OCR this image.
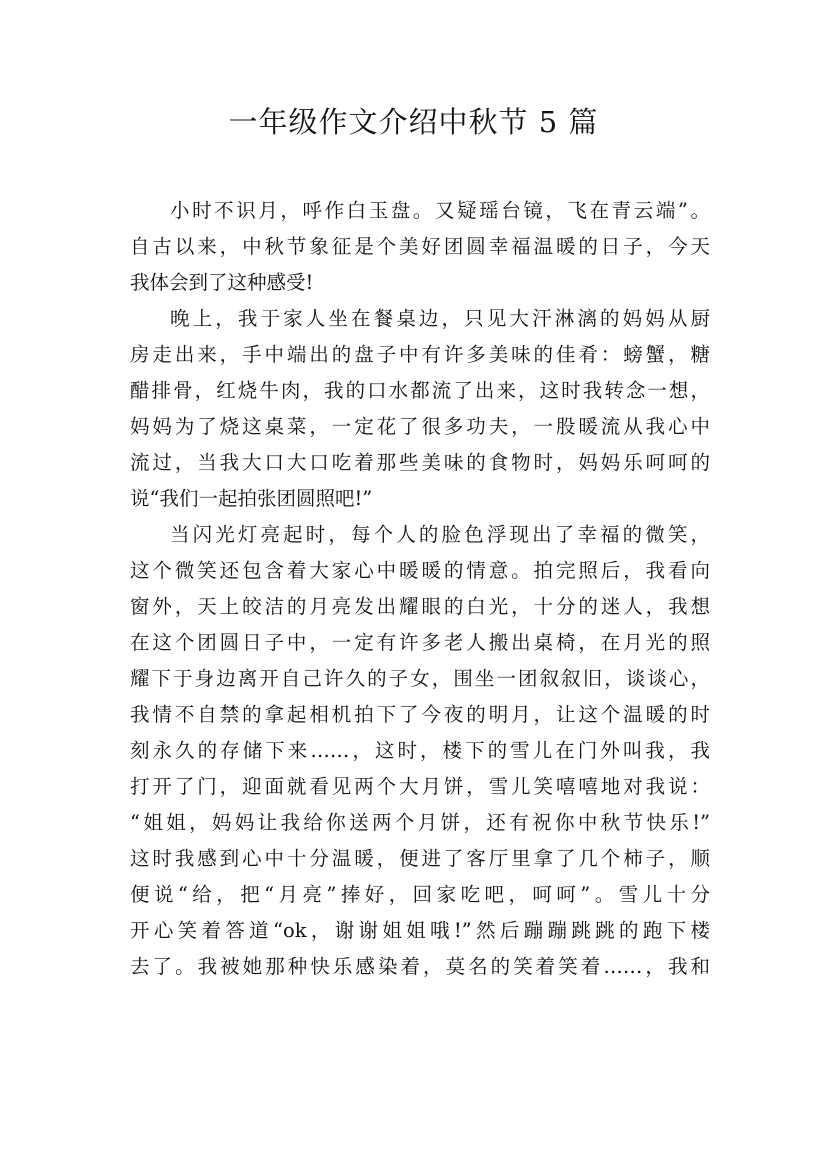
一年级作文介绍中秋节 5 篇

小时不识月，呼作白玉盘。又疑瑶台镜，飞在青云端”。

自古以来，中秋节象征是个美好团圆幸福温暖的日子，今天

我体会到了这种感受!

晚上，我于家人坐在餐桌边，只见大汗淋漓的妈妈从厨

房走出来，手中端出的盘子中有许多美味的佳肴：螃蟹，糖

醋排骨，红烧牛肉，我的口水都流了出来，这时我转念一想，

妈妈为了烧这桌菜，一定花了很多功夫，一股暖流从我心中

流过，当我大口大口吃着那些美味的食物时，妈妈乐呵呵的

说“我们一起拍张团圆照吧!”

当闪光灯亮起时，每个人的脸色浮现出了幸福的微笑，

这个微笑还包含着大家心中暖暖的情意。拍完照后，我看向

窗外，天上皎洁的月亮发出耀眼的白光，十分的迷人，我想

在这个团圆日子中，一定有许多老人搬出桌椅，在月光的照

耀下于身边离开自己许久的子女，围坐一团叙叙旧，谈谈心，

我情不自禁的拿起相机拍下了今夜的明月，让这个温暖的时

刻永久的存储下来……，这时，楼下的雪儿在门外叫我，我

打开了门，迎面就看见两个大月饼，雪儿笑嘻嘻地对我说：

“姐姐，妈妈让我给你送两个月饼，还有祝你中秋节快乐!”

这时我感到心中十分温暖，便进了客厅里拿了几个柿子，顺

便说“给，把“月亮”捧好，回家吃吧，呵呵”。雪儿十分

开心笑着答道“ok，谢谢姐姐哦!”然后蹦蹦跳跳的跑下楼

去了。我被她那种快乐感染着，莫名的笑着笑着……，我和
